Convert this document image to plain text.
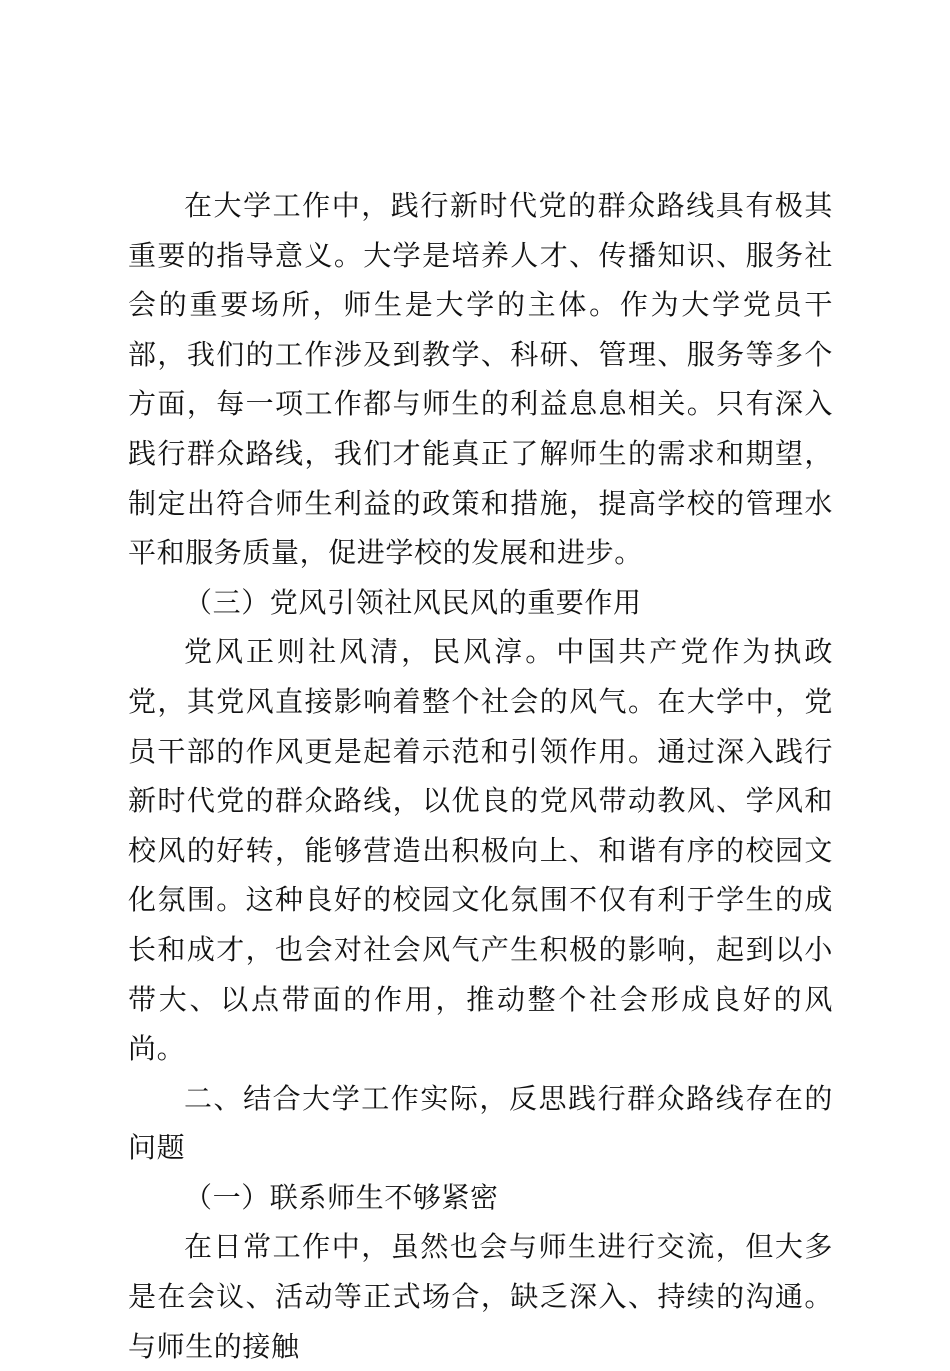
在大学工作中，践行新时代党的群众路线具有极其重要的指导意义。大学是培养人才、传播知识、服务社会的重要场所，师生是大学的主体。作为大学党员干部，我们的工作涉及到教学、科研、管理、服务等多个方面，每一项工作都与师生的利益息息相关。只有深入践行群众路线，我们才能真正了解师生的需求和期望，制定出符合师生利益的政策和措施，提高学校的管理水平和服务质量，促进学校的发展和进步。

（三）党风引领社风民风的重要作用

党风正则社风清，民风淳。中国共产党作为执政党，其党风直接影响着整个社会的风气。在大学中，党员干部的作风更是起着示范和引领作用。通过深入践行新时代党的群众路线，以优良的党风带动教风、学风和校风的好转，能够营造出积极向上、和谐有序的校园文化氛围。这种良好的校园文化氛围不仅有利于学生的成长和成才，也会对社会风气产生积极的影响，起到以小带大、以点带面的作用，推动整个社会形成良好的风尚。

二、结合大学工作实际，反思践行群众路线存在的问题

（一）联系师生不够紧密

在日常工作中，虽然也会与师生进行交流，但大多是在会议、活动等正式场合，缺乏深入、持续的沟通。与师生的接触
